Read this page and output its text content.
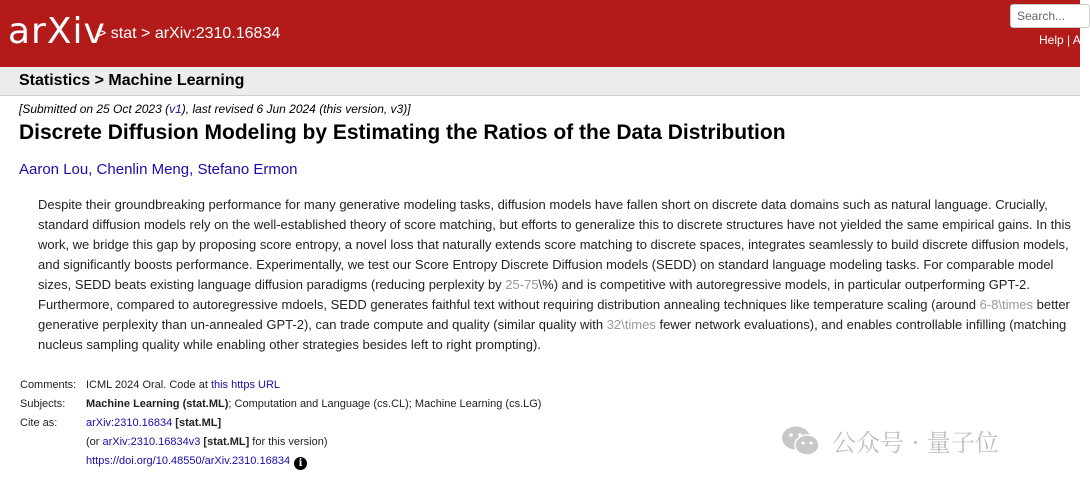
arXiv
> stat > arXiv:2310.16834
Search...	Help | Ad
Statistics > Machine Learning
[Submitted on 25 Oct 2023 (v1), last revised 6 Jun 2024 (this version, v3)]
Discrete Diffusion Modeling by Estimating the Ratios of the Data Distribution
Aaron Lou, Chenlin Meng, Stefano Ermon
Despite their groundbreaking performance for many generative modeling tasks, diffusion models have fallen short on discrete data domains such as natural language. Crucially,
standard diffusion models rely on the well-established theory of score matching, but efforts to generalize this to discrete structures have not yielded the same empirical gains. In this
work, we bridge this gap by proposing score entropy, a novel loss that naturally extends score matching to discrete spaces, integrates seamlessly to build discrete diffusion models,
and significantly boosts performance. Experimentally, we test our Score Entropy Discrete Diffusion models (SEDD) on standard language modeling tasks. For comparable model
sizes, SEDD beats existing language diffusion paradigms (reducing perplexity by 25-75\%) and is competitive with autoregressive models, in particular outperforming GPT-2.
Furthermore, compared to autoregressive mdoels, SEDD generates faithful text without requiring distribution annealing techniques like temperature scaling (around 6-8\times better
generative perplexity than un-annealed GPT-2), can trade compute and quality (similar quality with 32\times fewer network evaluations), and enables controllable infilling (matching
nucleus sampling quality while enabling other strategies besides left to right prompting).
Comments: ICML 2024 Oral. Code at this https URL
Subjects:	Machine Learning (stat.ML); Computation and Language (cs.CL); Machine Learning (cs.LG)
Cite as:	arXiv:2310.16834 [stat.ML]
(or arXiv:2310.16834v3 [stat.ML] for this version)
https://doi.org/10.48550/arXiv.2310.16834 i
公众号 · 量子位
